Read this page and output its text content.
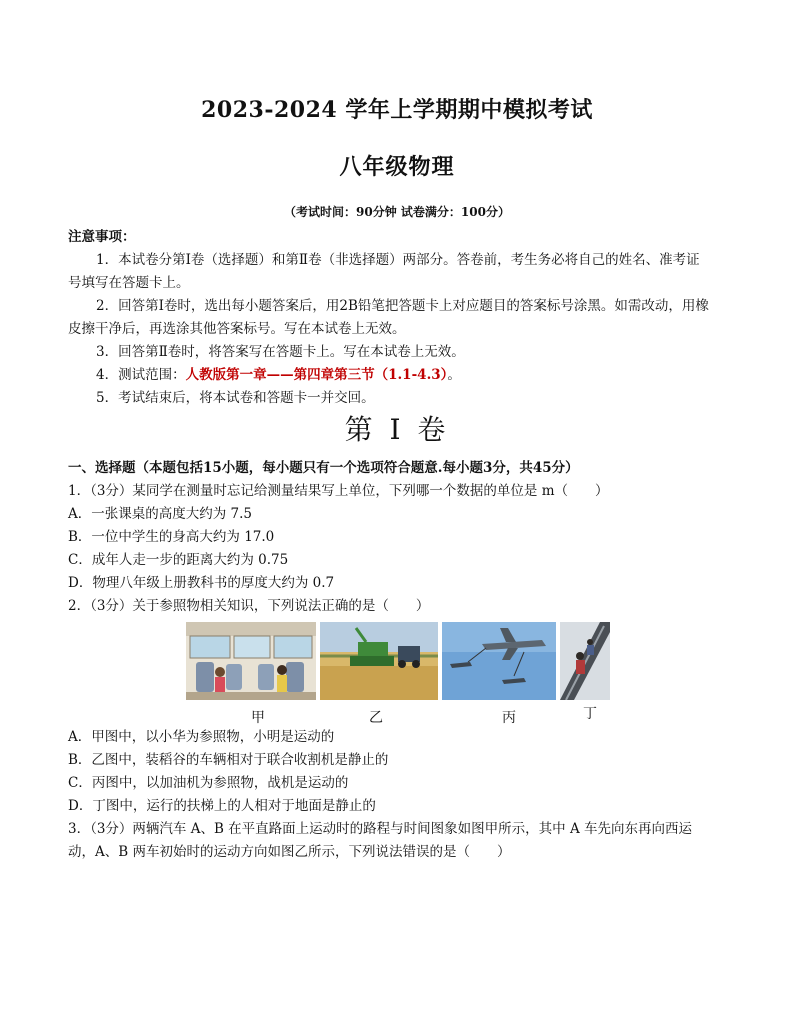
2023-2024 学年上学期期中模拟考试
八年级物理
（考试时间：90分钟 试卷满分：100分）
注意事项：
1．本试卷分第Ⅰ卷（选择题）和第Ⅱ卷（非选择题）两部分。答卷前，考生务必将自己的姓名、准考证
号填写在答题卡上。
2．回答第Ⅰ卷时，选出每小题答案后，用2B铅笔把答题卡上对应题目的答案标号涂黑。如需改动，用橡
皮擦干净后，再选涂其他答案标号。写在本试卷上无效。
3．回答第Ⅱ卷时，将答案写在答题卡上。写在本试卷上无效。
4．测试范围：人教版第一章——第四章第三节（1.1-4.3）。
5．考试结束后，将本试卷和答题卡一并交回。
第 I 卷
一、选择题（本题包括15小题，每小题只有一个选项符合题意.每小题3分，共45分）
1．（3分）某同学在测量时忘记给测量结果写上单位，下列哪一个数据的单位是 m（　　）
A．一张课桌的高度大约为 7.5
B．一位中学生的身高大约为 17.0
C．成年人走一步的距离大约为 0.75
D．物理八年级上册教科书的厚度大约为 0.7
2．（3分）关于参照物相关知识，下列说法正确的是（　　）
甲	乙	丙	丁
A．甲图中，以小华为参照物，小明是运动的
B．乙图中，装稻谷的车辆相对于联合收割机是静止的
C．丙图中，以加油机为参照物，战机是运动的
D．丁图中，运行的扶梯上的人相对于地面是静止的
3．（3分）两辆汽车 A、B 在平直路面上运动时的路程与时间图象如图甲所示，其中 A 车先向东再向西运
动，A、B 两车初始时的运动方向如图乙所示，下列说法错误的是（　　）
